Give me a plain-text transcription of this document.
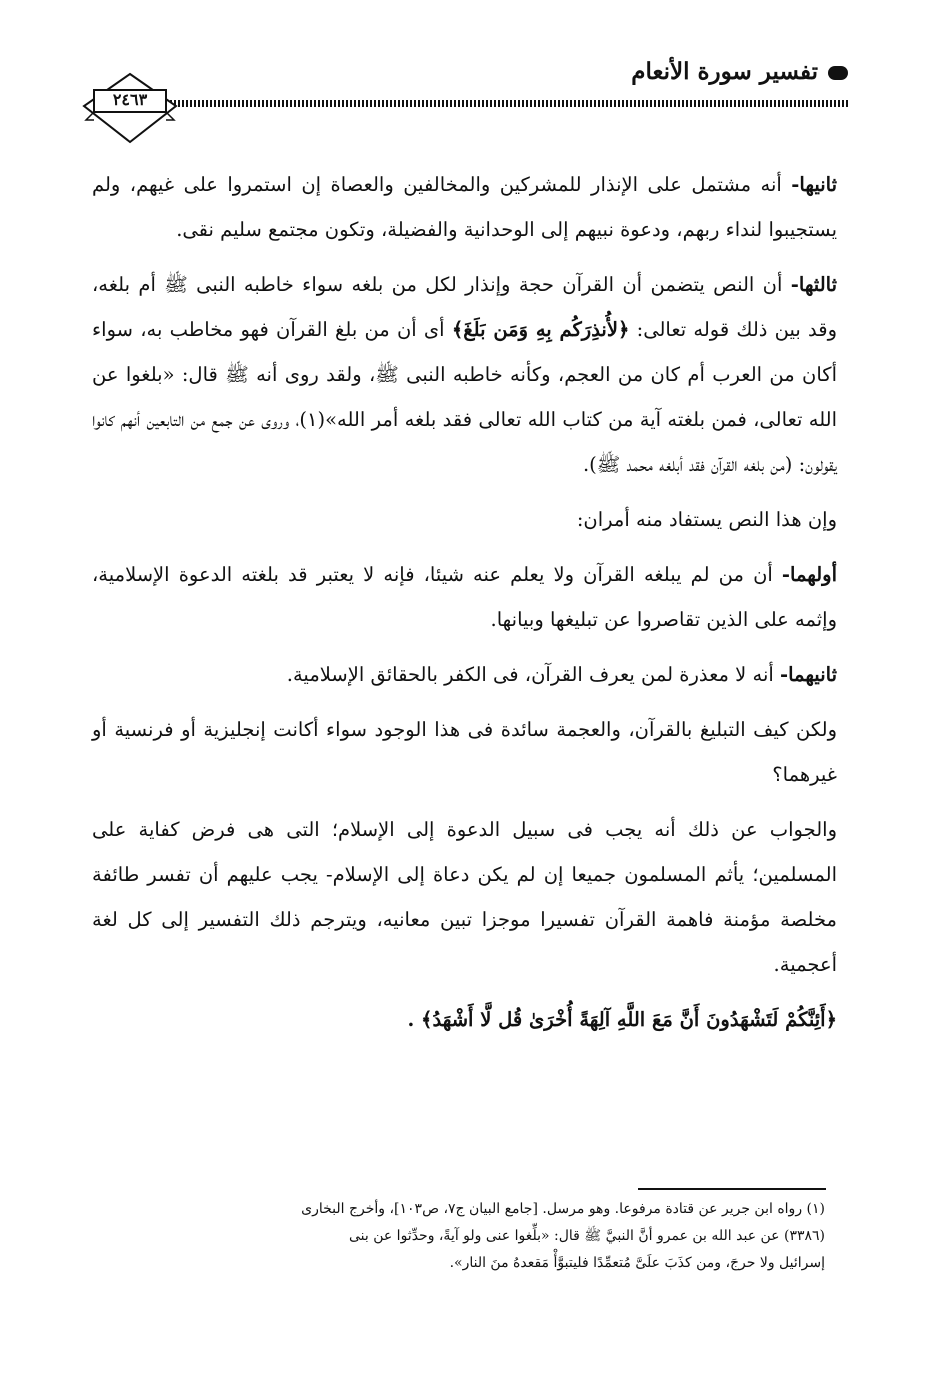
تفسير سورة الأنعام
٢٤٦٣

ثانيها- أنه مشتمل على الإنذار للمشركين والمخالفين والعصاة إن استمروا على غيهم، ولم يستجيبوا لنداء ربهم، ودعوة نبيهم إلى الوحدانية والفضيلة، وتكون مجتمع سليم نقى.

ثالثها- أن النص يتضمن أن القرآن حجة وإنذار لكل من بلغه سواء خاطبه النبى ﷺ أم بلغه، وقد بين ذلك قوله تعالى: ﴿لأُنذِرَكُم بِهِ وَمَن بَلَغَ﴾ أى أن من بلغ القرآن فهو مخاطب به، سواء أكان من العرب أم كان من العجم، وكأنه خاطبه النبى ﷺ، ولقد روى أنه ﷺ قال: «بلغوا عن الله تعالى، فمن بلغته آية من كتاب الله تعالى فقد بلغه أمر الله»(١)، وروى عن جمع من التابعين أنهم كانوا يقولون: (من بلغه القرآن فقد أبلغه محمد ﷺ).

وإن هذا النص يستفاد منه أمران:

أولهما- أن من لم يبلغه القرآن ولا يعلم عنه شيئا، فإنه لا يعتبر قد بلغته الدعوة الإسلامية، وإثمه على الذين تقاصروا عن تبليغها وبيانها.

ثانيهما- أنه لا معذرة لمن يعرف القرآن، فى الكفر بالحقائق الإسلامية.

ولكن كيف التبليغ بالقرآن، والعجمة سائدة فى هذا الوجود سواء أكانت إنجليزية أو فرنسية أو غيرهما؟

والجواب عن ذلك أنه يجب فى سبيل الدعوة إلى الإسلام؛ التى هى فرض كفاية على المسلمين؛ يأثم المسلمون جميعا إن لم يكن دعاة إلى الإسلام- يجب عليهم أن تفسر طائفة مخلصة مؤمنة فاهمة القرآن تفسيرا موجزا تبين معانيه، ويترجم ذلك التفسير إلى كل لغة أعجمية.

﴿أَئِنَّكُمْ لَتَشْهَدُونَ أَنَّ مَعَ اللَّهِ آلِهَةً أُخْرَىٰ قُل لَّا أَشْهَدُ﴾ .

(١) رواه ابن جرير عن قتادة مرفوعا. وهو مرسل. [جامع البيان ج٧، ص١٠٣]، وأخرج البخارى

(٣٣٨٦) عن عبد الله بن عمرو أنَّ النبيَّ ﷺ قال: «بلِّغوا عنى ولو آيةً، وحدِّثوا عن بنى

إسرائيل ولا حرجَ، ومن كذَبَ علَىَّ مُتعمِّدًا فليتبوَّأْ مَقعدهُ منَ النار».
